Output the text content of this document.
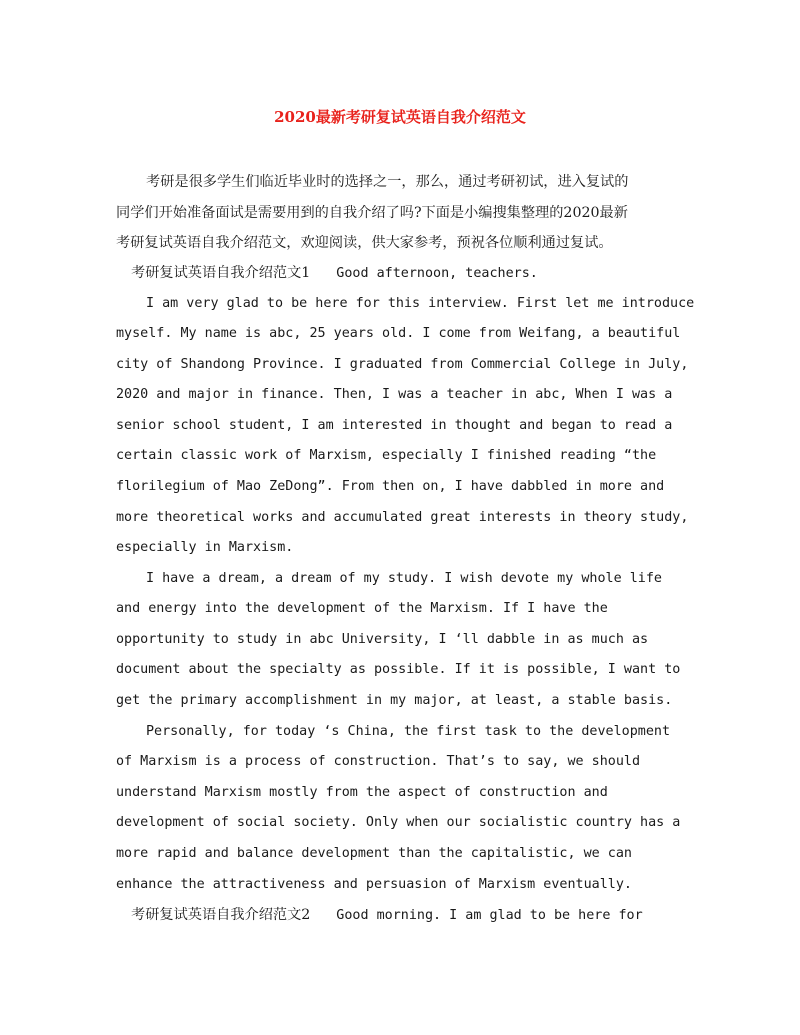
2020最新考研复试英语自我介绍范文
考研是很多学生们临近毕业时的选择之一，那么，通过考研初试，进入复试的
同学们开始准备面试是需要用到的自我介绍了吗?下面是小编搜集整理的2020最新
考研复试英语自我介绍范文，欢迎阅读，供大家参考，预祝各位顺利通过复试。
考研复试英语自我介绍范文1 Good afternoon, teachers.
I am very glad to be here for this interview. First let me introduce
myself. My name is abc, 25 years old. I come from Weifang, a beautiful
city of Shandong Province. I graduated from Commercial College in July,
2020 and major in finance. Then, I was a teacher in abc, When I was a
senior school student, I am interested in thought and began to read a
certain classic work of Marxism, especially I finished reading “the
florilegium of Mao ZeDong”. From then on, I have dabbled in more and
more theoretical works and accumulated great interests in theory study,
especially in Marxism.
I have a dream, a dream of my study. I wish devote my whole life
and energy into the development of the Marxism. If I have the
opportunity to study in abc University, I ‘ll dabble in as much as
document about the specialty as possible. If it is possible, I want to
get the primary accomplishment in my major, at least, a stable basis.
Personally, for today ‘s China, the first task to the development
of Marxism is a process of construction. That’s to say, we should
understand Marxism mostly from the aspect of construction and
development of social society. Only when our socialistic country has a
more rapid and balance development than the capitalistic, we can
enhance the attractiveness and persuasion of Marxism eventually.
考研复试英语自我介绍范文2 Good morning. I am glad to be here for
